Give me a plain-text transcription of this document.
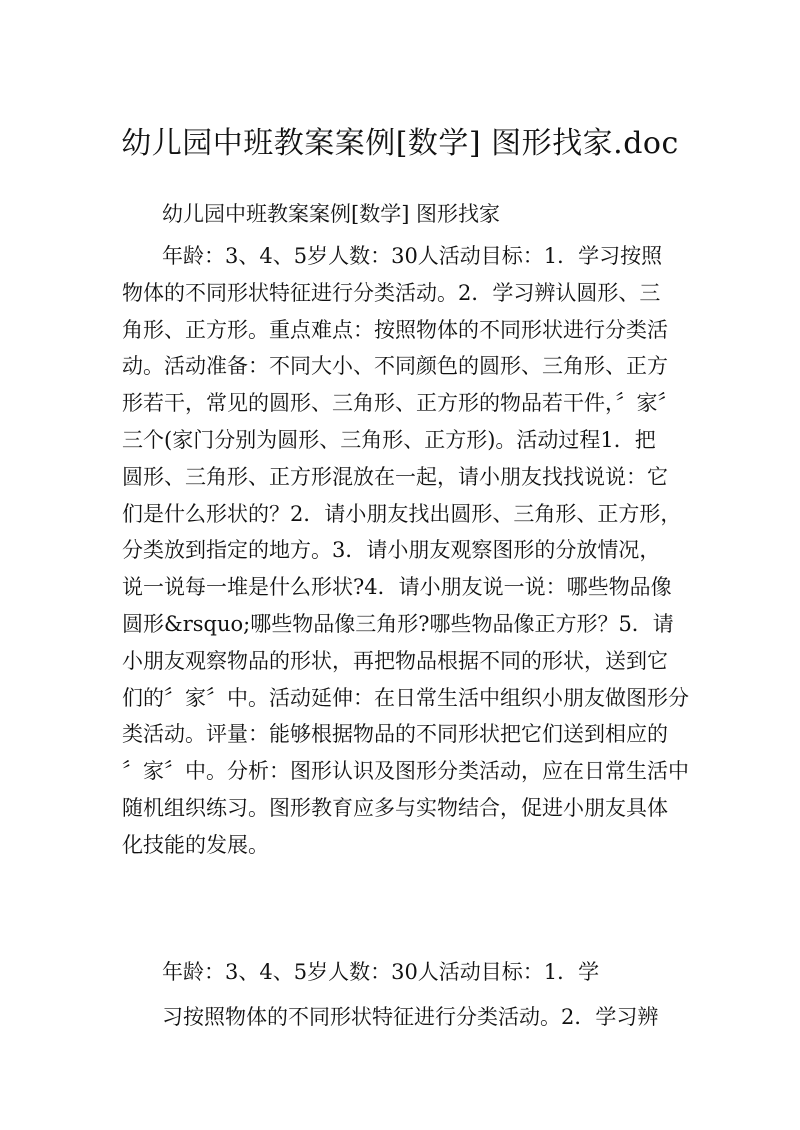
幼儿园中班教案案例[数学] 图形找家.doc
幼儿园中班教案案例[数学] 图形找家
年龄：3、4、5岁人数：30人活动目标：1．学习按照
物体的不同形状特征进行分类活动。2．学习辨认圆形、三
角形、正方形。重点难点：按照物体的不同形状进行分类活
动。活动准备：不同大小、不同颜色的圆形、三角形、正方
形若干，常见的圆形、三角形、正方形的物品若干件，〞家〞
三个(家门分别为圆形、三角形、正方形)。活动过程1．把
圆形、三角形、正方形混放在一起，请小朋友找找说说：它
们是什么形状的？2．请小朋友找出圆形、三角形、正方形，
分类放到指定的地方。3．请小朋友观察图形的分放情况，
说一说每一堆是什么形状?4．请小朋友说一说：哪些物品像
圆形&rsquo;哪些物品像三角形?哪些物品像正方形？5．请
小朋友观察物品的形状，再把物品根据不同的形状，送到它
们的〞家〞中。活动延伸：在日常生活中组织小朋友做图形分
类活动。评量：能够根据物品的不同形状把它们送到相应的
〞家〞中。分析：图形认识及图形分类活动，应在日常生活中
随机组织练习。图形教育应多与实物结合，促进小朋友具体
化技能的发展。
年龄：3、4、5岁人数：30人活动目标：1．学
习按照物体的不同形状特征进行分类活动。2．学习辨
